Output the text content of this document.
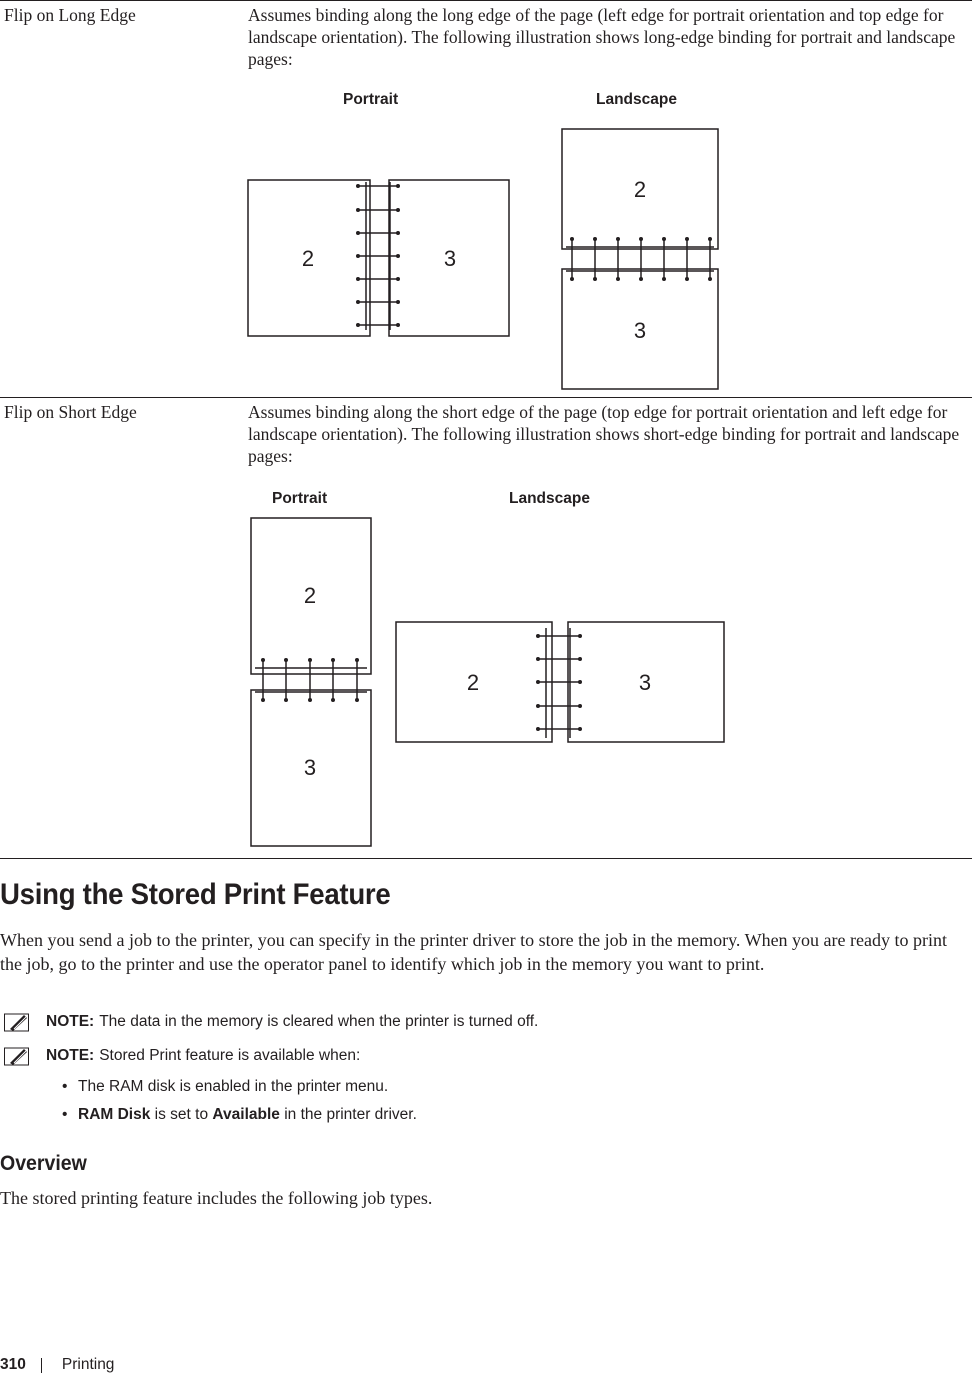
Flip on Long Edge	Assumes binding along the long edge of the page (left edge for portrait orientation and top edge for landscape orientation). The following illustration shows long-edge binding for portrait and landscape pages:
Portrait	Landscape
2	3
2
3
Flip on Short Edge	Assumes binding along the short edge of the page (top edge for portrait orientation and left edge for landscape orientation). The following illustration shows short-edge binding for portrait and landscape pages:
Portrait	Landscape
2
3
2	3
Using the Stored Print Feature
When you send a job to the printer, you can specify in the printer driver to store the job in the memory. When you are ready to print the job, go to the printer and use the operator panel to identify which job in the memory you want to print.
NOTE: The data in the memory is cleared when the printer is turned off.
NOTE: Stored Print feature is available when:
• The RAM disk is enabled in the printer menu.
• RAM Disk is set to Available in the printer driver.
Overview
The stored printing feature includes the following job types.
310 Printing
